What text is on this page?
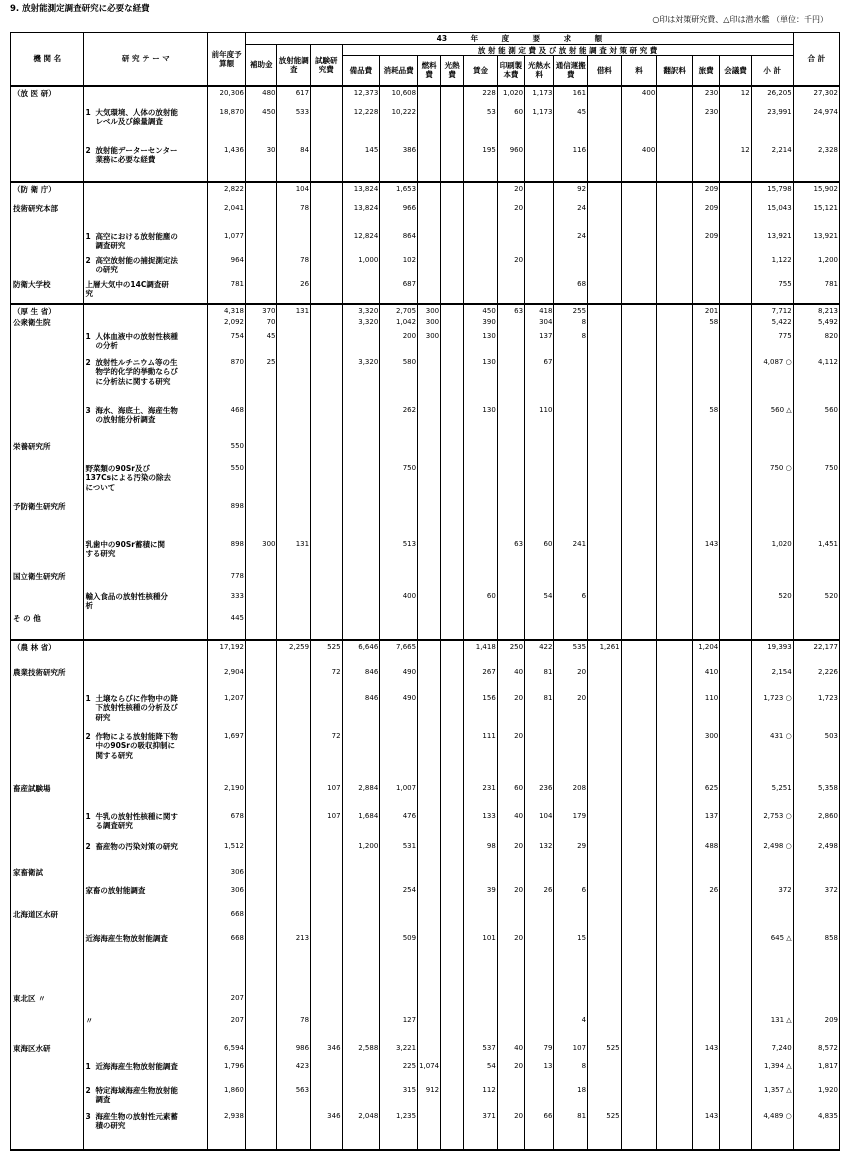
9. 放射能測定調査研究に必要な経費
○印は対策研究費、△印は潜水艦 （単位：千円）
機 関 名	研 究 テ ー マ	前年度予算額	43 年 度 要 求 額																	合 計
			補助金	放射能調査	試験研究費	放 射 能 測 定 費 及 び 放 射 能 調 査 対 策 研 究 費														
						備品費	消耗品費	燃料費	光熱費	賃金	印刷製本費	光熱水料	通信運搬費	借料	料	翻訳料	旅費	会議費	小 計	
（放 医 研）		20,306	480	617		12,373	10,608			228	1,020	1,173	161		400		230	12	26,205	27,302
	1 大気環境、人体の放射能レベル及び線量調査	18,870	450	533		12,228	10,222			53	60	1,173	45				230		23,991	24,974
	2 放射能データーセンター業務に必要な経費	1,436	30	84		145	386			195	960		116		400			12	2,214	2,328
（防 衛 庁）		2,822		104		13,824	1,653				20		92				209		15,798	15,902
技術研究本部		2,041		78		13,824	966				20		24				209		15,043	15,121
	1 高空における放射能塵の調査研究	1,077				12,824	864						24				209		13,921	13,921
	2 高空放射能の捕捉測定法の研究	964		78		1,000	102				20								1,122	1,200
防衛大学校	上層大気中の14C調査研究	781		26			687						68						755	781
（厚 生 省）		4,318	370	131		3,320	2,705	300		450	63	418	255				201		7,712	8,213
公衆衛生院		2,092	70			3,320	1,042	300		390		304	8				58		5,422	5,492
	1 人体血液中の放射性核種の分析	754	45				200	300		130		137	8						775	820
	2 放射性ルチニウム等の生物学的化学的挙動ならびに分析法に関する研究	870	25			3,320	580			130		67							4,087 ○	4,112
	3 海水、海底土、海産生物の放射能分析調査	468					262			130		110					58		560 △	560
栄養研究所		550																		
	野菜類の90Sr及び137Csによる汚染の除去について	550					750												750 ○	750
予防衛生研究所		898																		
	乳歯中の90Sr蓄積に関する研究	898	300	131			513				63	60	241				143		1,020	1,451
国立衛生研究所		778																		
	輸入食品の放射性核種分析	333					400			60		54	6						520	520
そ の 他		445																		
（農 林 省）		17,192		2,259	525	6,646	7,665			1,418	250	422	535	1,261			1,204		19,393	22,177
農業技術研究所		2,904			72	846	490			267	40	81	20				410		2,154	2,226
	1 土壌ならびに作物中の降下放射性核種の分析及び研究	1,207				846	490			156	20	81	20				110		1,723 ○	1,723
	2 作物による放射能降下物中の90Srの吸収抑制に関する研究	1,697			72					111	20						300		431 ○	503
畜産試験場		2,190			107	2,884	1,007			231	60	236	208				625		5,251	5,358
	1 牛乳の放射性核種に関する調査研究	678			107	1,684	476			133	40	104	179				137		2,753 ○	2,860
	2 畜産物の汚染対策の研究	1,512				1,200	531			98	20	132	29				488		2,498 ○	2,498
家畜衛試		306																		
	家畜の放射能調査	306					254			39	20	26	6				26		372	372
北海道区水研		668																		
	近海海産生物放射能調査	668		213			509			101	20		15						645 △	858
東北区 〃		207																		
	〃	207		78			127						4						131 △	209
東海区水研		6,594		986	346	2,588	3,221			537	40	79	107	525			143		7,240	8,572
	1 近海海産生物放射能調査	1,796		423			225	1,074		54	20	13	8						1,394 △	1,817
	2 特定海域海産生物放射能調査	1,860		563			315	912		112			18						1,357 △	1,920
	3 海産生物の放射性元素蓄積の研究	2,938			346	2,048	1,235			371	20	66	81	525			143		4,489 ○	4,835
